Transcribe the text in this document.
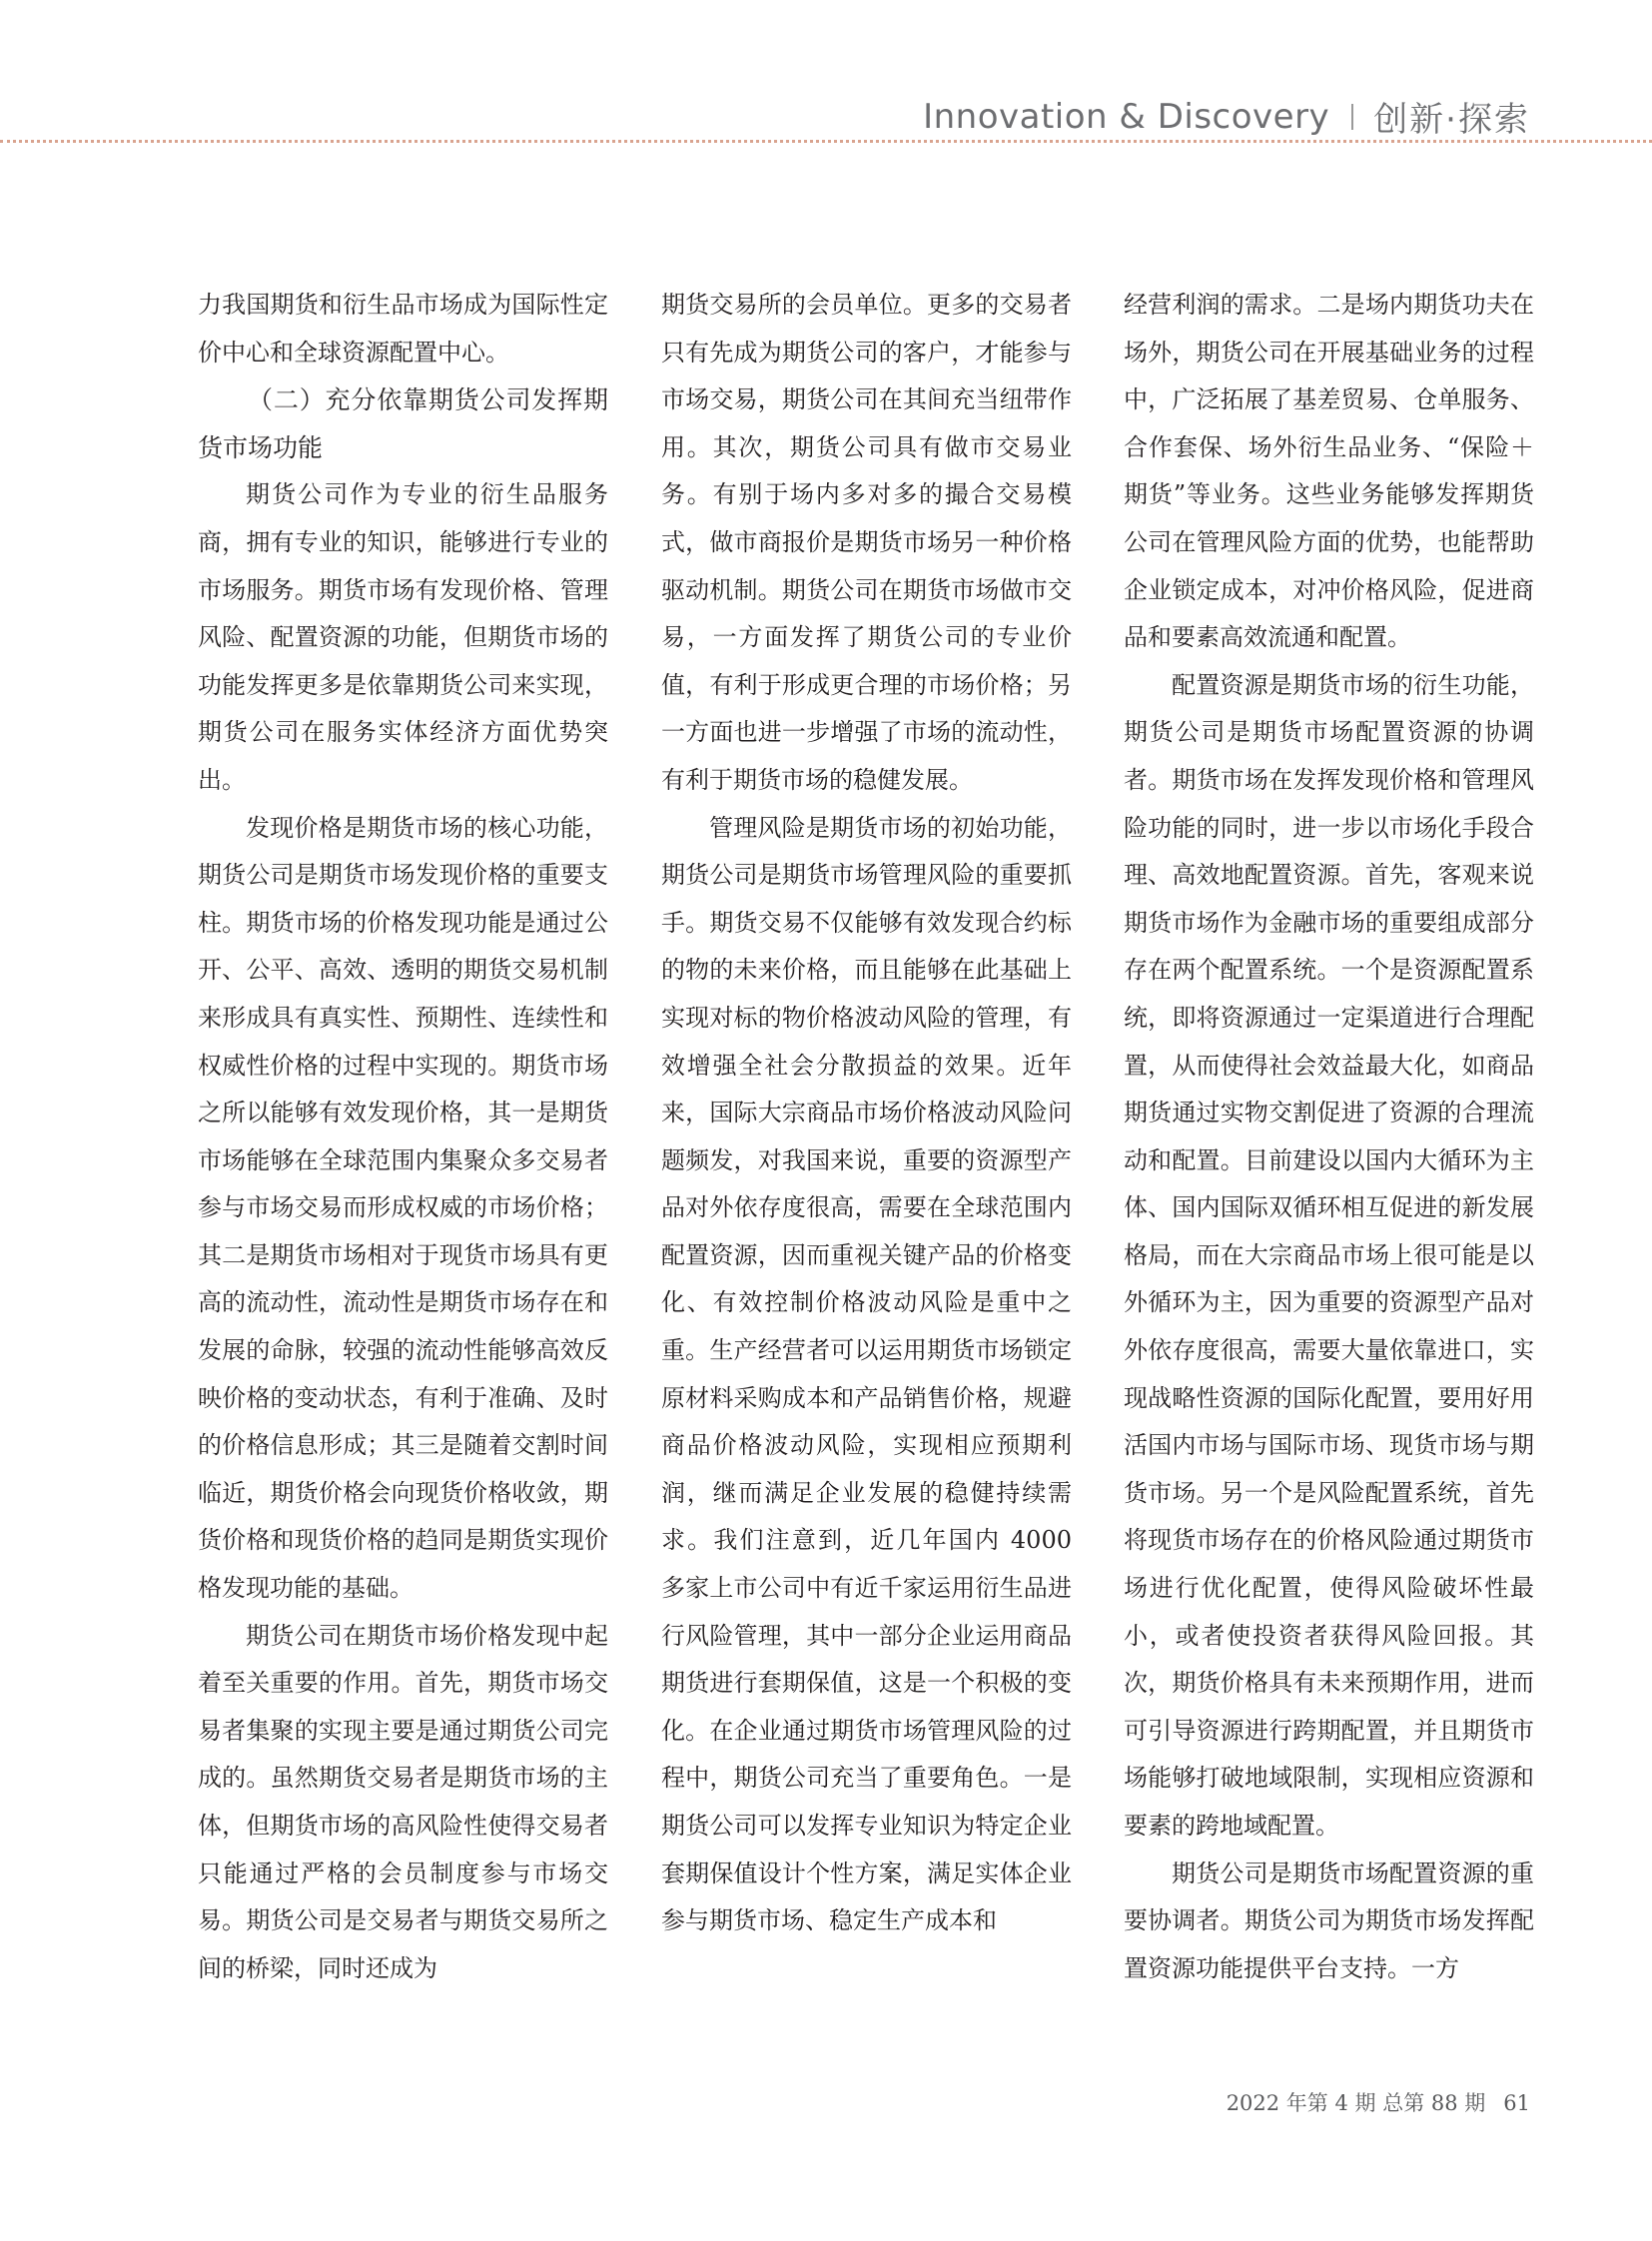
Innovation & Discovery 创新·探索

力我国期货和衍生品市场成为国际性定价中心和全球资源配置中心。

（二）充分依靠期货公司发挥期货市场功能

期货公司作为专业的衍生品服务商，拥有专业的知识，能够进行专业的市场服务。期货市场有发现价格、管理风险、配置资源的功能，但期货市场的功能发挥更多是依靠期货公司来实现，期货公司在服务实体经济方面优势突出。

发现价格是期货市场的核心功能，期货公司是期货市场发现价格的重要支柱。期货市场的价格发现功能是通过公开、公平、高效、透明的期货交易机制来形成具有真实性、预期性、连续性和权威性价格的过程中实现的。期货市场之所以能够有效发现价格，其一是期货市场能够在全球范围内集聚众多交易者参与市场交易而形成权威的市场价格；其二是期货市场相对于现货市场具有更高的流动性，流动性是期货市场存在和发展的命脉，较强的流动性能够高效反映价格的变动状态，有利于准确、及时的价格信息形成；其三是随着交割时间临近，期货价格会向现货价格收敛，期货价格和现货价格的趋同是期货实现价格发现功能的基础。

期货公司在期货市场价格发现中起着至关重要的作用。首先，期货市场交易者集聚的实现主要是通过期货公司完成的。虽然期货交易者是期货市场的主体，但期货市场的高风险性使得交易者只能通过严格的会员制度参与市场交易。期货公司是交易者与期货交易所之间的桥梁，同时还成为

期货交易所的会员单位。更多的交易者只有先成为期货公司的客户，才能参与市场交易，期货公司在其间充当纽带作用。其次，期货公司具有做市交易业务。有别于场内多对多的撮合交易模式，做市商报价是期货市场另一种价格驱动机制。期货公司在期货市场做市交易，一方面发挥了期货公司的专业价值，有利于形成更合理的市场价格；另一方面也进一步增强了市场的流动性，有利于期货市场的稳健发展。

管理风险是期货市场的初始功能，期货公司是期货市场管理风险的重要抓手。期货交易不仅能够有效发现合约标的物的未来价格，而且能够在此基础上实现对标的物价格波动风险的管理，有效增强全社会分散损益的效果。近年来，国际大宗商品市场价格波动风险问题频发，对我国来说，重要的资源型产品对外依存度很高，需要在全球范围内配置资源，因而重视关键产品的价格变化、有效控制价格波动风险是重中之重。生产经营者可以运用期货市场锁定原材料采购成本和产品销售价格，规避商品价格波动风险，实现相应预期利润，继而满足企业发展的稳健持续需求。我们注意到，近几年国内 4000 多家上市公司中有近千家运用衍生品进行风险管理，其中一部分企业运用商品期货进行套期保值，这是一个积极的变化。在企业通过期货市场管理风险的过程中，期货公司充当了重要角色。一是期货公司可以发挥专业知识为特定企业套期保值设计个性方案，满足实体企业参与期货市场、稳定生产成本和

经营利润的需求。二是场内期货功夫在场外，期货公司在开展基础业务的过程中，广泛拓展了基差贸易、仓单服务、合作套保、场外衍生品业务、“保险＋期货”等业务。这些业务能够发挥期货公司在管理风险方面的优势，也能帮助企业锁定成本，对冲价格风险，促进商品和要素高效流通和配置。

配置资源是期货市场的衍生功能，期货公司是期货市场配置资源的协调者。期货市场在发挥发现价格和管理风险功能的同时，进一步以市场化手段合理、高效地配置资源。首先，客观来说期货市场作为金融市场的重要组成部分存在两个配置系统。一个是资源配置系统，即将资源通过一定渠道进行合理配置，从而使得社会效益最大化，如商品期货通过实物交割促进了资源的合理流动和配置。目前建设以国内大循环为主体、国内国际双循环相互促进的新发展格局，而在大宗商品市场上很可能是以外循环为主，因为重要的资源型产品对外依存度很高，需要大量依靠进口，实现战略性资源的国际化配置，要用好用活国内市场与国际市场、现货市场与期货市场。另一个是风险配置系统，首先将现货市场存在的价格风险通过期货市场进行优化配置，使得风险破坏性最小，或者使投资者获得风险回报。其次，期货价格具有未来预期作用，进而可引导资源进行跨期配置，并且期货市场能够打破地域限制，实现相应资源和要素的跨地域配置。

期货公司是期货市场配置资源的重要协调者。期货公司为期货市场发挥配置资源功能提供平台支持。一方

2022 年第 4 期 总第 88 期 61
